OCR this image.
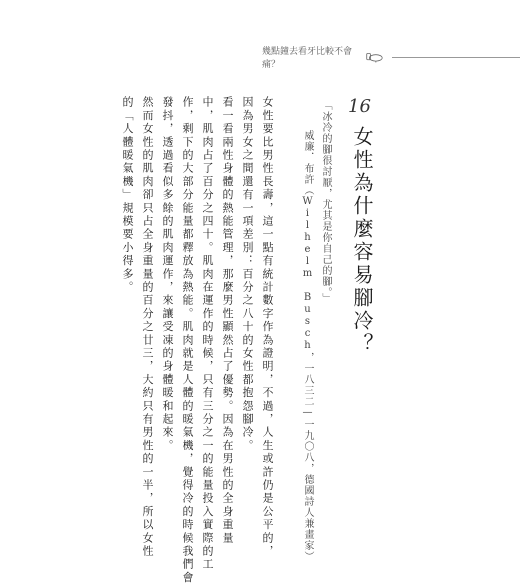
幾點鐘去看牙比較不會痛？
16
女性為什麼容易腳冷？
「冰冷的腳很討厭，尤其是你自己的腳。」
威廉．布許（Wilhelm Busch，一八三二—一九〇八，德國詩人兼畫家）
女性要比男性長壽，這一點有統計數字作為證明，不過，人生或許仍是公平的，
因為男女之間還有一項差別：百分之八十的女性都抱怨腳冷。
看一看兩性身體的熱能管理，那麼男性顯然占了優勢。因為在男性的全身重量
中，肌肉占了百分之四十。肌肉在運作的時候，只有三分之一的能量投入實際的工
作，剩下的大部分能量都釋放為熱能。肌肉就是人體的暖氣機，覺得冷的時候我們會
發抖，透過看似多餘的肌肉運作，來讓受凍的身體暖和起來。
然而女性的肌肉卻只占全身重量的百分之廿三，大約只有男性的一半，所以女性
的「人體暖氣機」規模要小得多。
